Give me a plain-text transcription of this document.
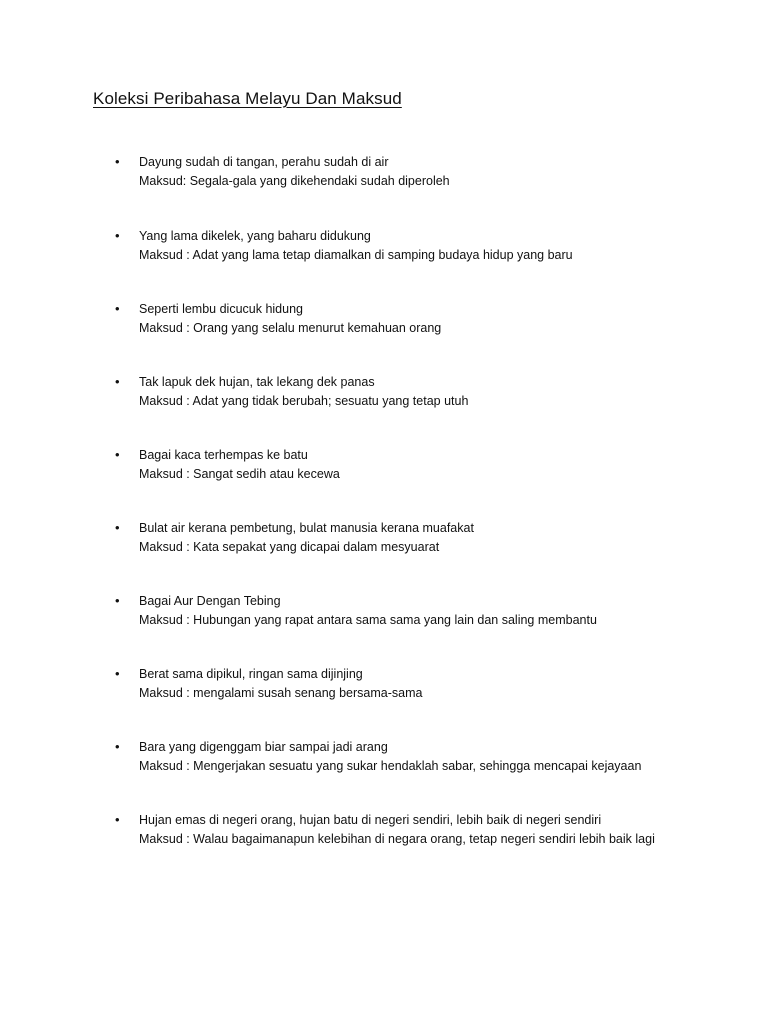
Koleksi Peribahasa Melayu Dan Maksud
• Dayung sudah di tangan, perahu sudah di air
Maksud: Segala-gala yang dikehendaki sudah diperoleh
• Yang lama dikelek, yang baharu didukung
Maksud : Adat yang lama tetap diamalkan di samping budaya hidup yang baru
• Seperti lembu dicucuk hidung
Maksud : Orang yang selalu menurut kemahuan orang
• Tak lapuk dek hujan, tak lekang dek panas
Maksud : Adat yang tidak berubah; sesuatu yang tetap utuh
• Bagai kaca terhempas ke batu
Maksud : Sangat sedih atau kecewa
• Bulat air kerana pembetung, bulat manusia kerana muafakat
Maksud : Kata sepakat yang dicapai dalam mesyuarat
• Bagai Aur Dengan Tebing
Maksud : Hubungan yang rapat antara sama sama yang lain dan saling membantu
• Berat sama dipikul, ringan sama dijinjing
Maksud : mengalami susah senang bersama-sama
• Bara yang digenggam biar sampai jadi arang
Maksud : Mengerjakan sesuatu yang sukar hendaklah sabar, sehingga mencapai kejayaan
• Hujan emas di negeri orang, hujan batu di negeri sendiri, lebih baik di negeri sendiri
Maksud : Walau bagaimanapun kelebihan di negara orang, tetap negeri sendiri lebih baik lagi
